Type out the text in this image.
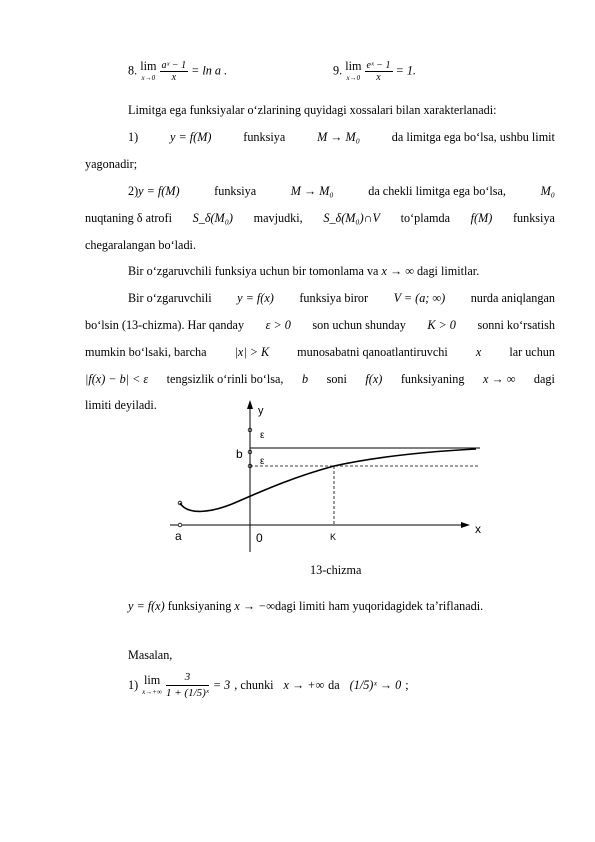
8. lim
$x\to 0 \frac{\text{aˣ − 1}}{x} = \ln a$ .	9. lim
$x\to 0 \frac{\text{eˣ − 1}}{x} = 1$.
Limitga ega funksiyalar o‘zlarining quyidagi xossalari bilan xarakterlanadi:
1)	y = f(M)	funksiya	M → M₀	da limitga ega bo‘lsa, ushbu limit
yagonadir;
2)y = f(M)	funksiya	M → M₀	da chekli limitga ega bo‘lsa,	M₀
nuqtaning δ atrofi S_δ(M₀) mavjudki, S_δ(M₀)∩V to‘plamda f(M) funksiya
chegaralangan bo‘ladi.
Bir o‘zgaruvchili funksiya uchun bir tomonlama va x → ∞ dagi limitlar.
Bir o‘zgaruvchili y = f(x) funksiya biror V = (a; ∞) nurda aniqlangan
bo‘lsin (13-chizma). Har qanday ε > 0 son uchun shunday K > 0 sonni ko‘rsatish
mumkin bo‘lsaki, barcha |x| > K munosabatni qanoatlantiruvchi x lar uchun
|f(x) − b| < ε tengsizlik o‘rinli bo‘lsa, b soni f(x) funksiyaning x → ∞ dagi
limiti deyiladi.	y
x
ε
ε
b
K
a	0
13-chizma
y = f(x) funksiyaning x → −∞dagi limiti ham yuqoridagidek ta’riflanadi.
Masalan,
1) lim
$x\to+\infty \frac{3}{\text{1 + (1/5)ˣ}} = 3$ , chunki x → +∞ da (1/5)ˣ → 0 ;
